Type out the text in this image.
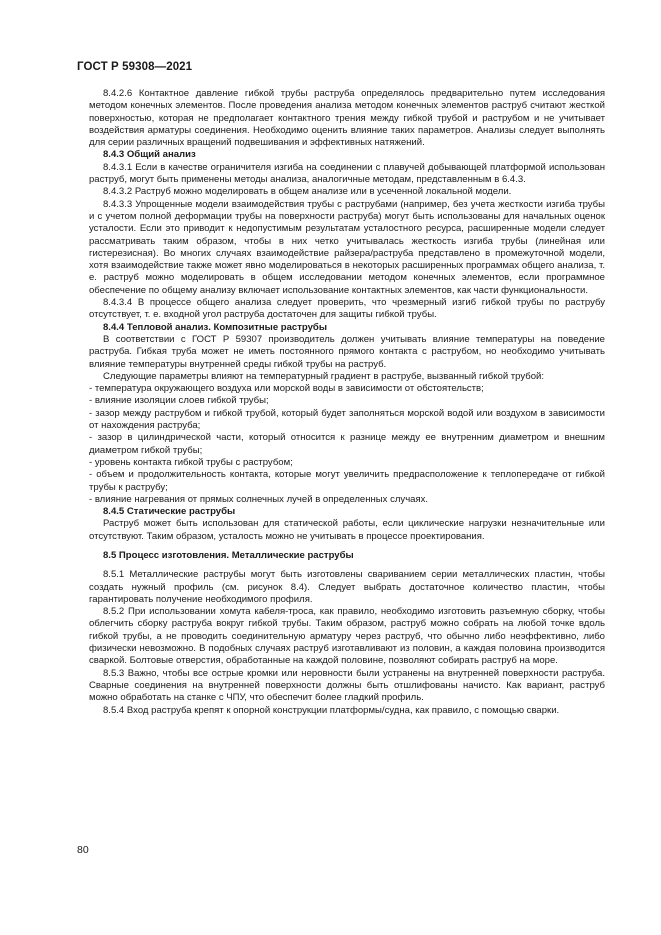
ГОСТ Р 59308—2021

8.4.2.6 Контактное давление гибкой трубы раструба определялось предварительно путем исследования методом конечных элементов. После проведения анализа методом конечных элементов раструб считают жесткой поверхностью, которая не предполагает контактного трения между гибкой трубой и раструбом и не учитывает воздействия арматуры соединения. Необходимо оценить влияние таких параметров. Анализы следует выполнять для серии различных вращений подвешивания и эффективных натяжений.

8.4.3 Общий анализ

8.4.3.1 Если в качестве ограничителя изгиба на соединении с плавучей добывающей платформой использован раструб, могут быть применены методы анализа, аналогичные методам, представленным в 6.4.3.

8.4.3.2 Раструб можно моделировать в общем анализе или в усеченной локальной модели.

8.4.3.3 Упрощенные модели взаимодействия трубы с раструбами (например, без учета жесткости изгиба трубы и с учетом полной деформации трубы на поверхности раструба) могут быть использованы для начальных оценок усталости. Если это приводит к недопустимым результатам усталостного ресурса, расширенные модели следует рассматривать таким образом, чтобы в них четко учитывалась жесткость изгиба трубы (линейная или гистерезисная). Во многих случаях взаимодействие райзера/раструба представлено в промежуточной модели, хотя взаимодействие также может явно моделироваться в некоторых расширенных программах общего анализа, т. е. раструб можно моделировать в общем исследовании методом конечных элементов, если программное обеспечение по общему анализу включает использование контактных элементов, как части функциональности.

8.4.3.4 В процессе общего анализа следует проверить, что чрезмерный изгиб гибкой трубы по раструбу отсутствует, т. е. входной угол раструба достаточен для защиты гибкой трубы.

8.4.4 Тепловой анализ. Композитные раструбы

В соответствии с ГОСТ Р 59307 производитель должен учитывать влияние температуры на поведение раструба. Гибкая труба может не иметь постоянного прямого контакта с раструбом, но необходимо учитывать влияние температуры внутренней среды гибкой трубы на раструб.

Следующие параметры влияют на температурный градиент в раструбе, вызванный гибкой трубой:

- температура окружающего воздуха или морской воды в зависимости от обстоятельств;

- влияние изоляции слоев гибкой трубы;

- зазор между раструбом и гибкой трубой, который будет заполняться морской водой или воздухом в зависимости от нахождения раструба;

- зазор в цилиндрической части, который относится к разнице между ее внутренним диаметром и внешним диаметром гибкой трубы;

- уровень контакта гибкой трубы с раструбом;

- объем и продолжительность контакта, которые могут увеличить предрасположение к теплопередаче от гибкой трубы к раструбу;

- влияние нагревания от прямых солнечных лучей в определенных случаях.

8.4.5 Статические раструбы

Раструб может быть использован для статической работы, если циклические нагрузки незначительные или отсутствуют. Таким образом, усталость можно не учитывать в процессе проектирования.

8.5 Процесс изготовления. Металлические раструбы

8.5.1 Металлические раструбы могут быть изготовлены свариванием серии металлических пластин, чтобы создать нужный профиль (см. рисунок 8.4). Следует выбрать достаточное количество пластин, чтобы гарантировать получение необходимого профиля.

8.5.2 При использовании хомута кабеля-троса, как правило, необходимо изготовить разъемную сборку, чтобы облегчить сборку раструба вокруг гибкой трубы. Таким образом, раструб можно собрать на любой точке вдоль гибкой трубы, а не проводить соединительную арматуру через раструб, что обычно либо неэффективно, либо физически невозможно. В подобных случаях раструб изготавливают из половин, а каждая половина производится сваркой. Болтовые отверстия, обработанные на каждой половине, позволяют собирать раструб на море.

8.5.3 Важно, чтобы все острые кромки или неровности были устранены на внутренней поверхности раструба. Сварные соединения на внутренней поверхности должны быть отшлифованы начисто. Как вариант, раструб можно обработать на станке с ЧПУ, что обеспечит более гладкий профиль.

8.5.4 Вход раструба крепят к опорной конструкции платформы/судна, как правило, с помощью сварки.

80
